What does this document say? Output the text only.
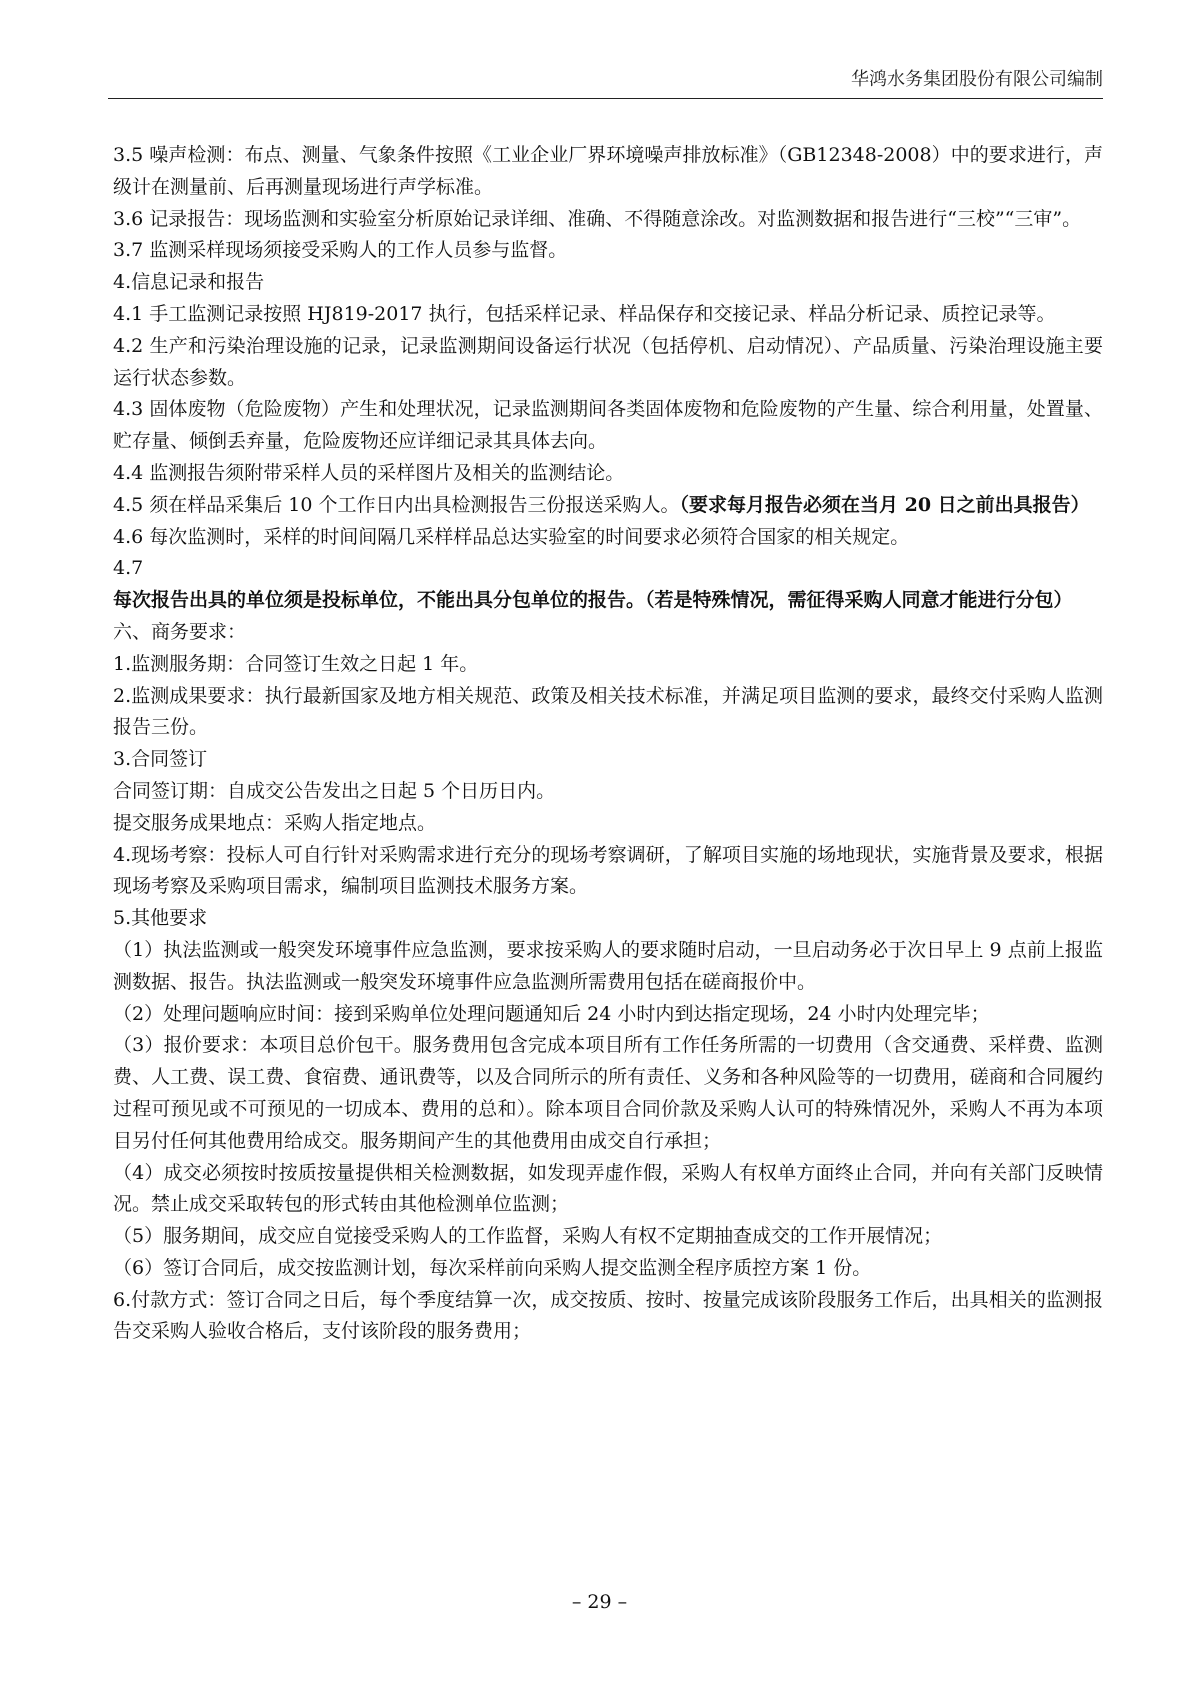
华鸿水务集团股份有限公司编制

3.5 噪声检测：布点、测量、气象条件按照《工业企业厂界环境噪声排放标准》（GB12348-2008）中的要求进行，声级计在测量前、后再测量现场进行声学标准。

3.6 记录报告：现场监测和实验室分析原始记录详细、准确、不得随意涂改。对监测数据和报告进行“三校”“三审”。

3.7 监测采样现场须接受采购人的工作人员参与监督。

4.信息记录和报告

4.1 手工监测记录按照 HJ819-2017 执行，包括采样记录、样品保存和交接记录、样品分析记录、质控记录等。

4.2 生产和污染治理设施的记录，记录监测期间设备运行状况（包括停机、启动情况）、产品质量、污染治理设施主要运行状态参数。

4.3 固体废物（危险废物）产生和处理状况，记录监测期间各类固体废物和危险废物的产生量、综合利用量，处置量、贮存量、倾倒丢弃量，危险废物还应详细记录其具体去向。

4.4 监测报告须附带采样人员的采样图片及相关的监测结论。

4.5 须在样品采集后 10 个工作日内出具检测报告三份报送采购人。（要求每月报告必须在当月 20 日之前出具报告）

4.6 每次监测时，采样的时间间隔几采样样品总达实验室的时间要求必须符合国家的相关规定。

4.7 每次报告出具的单位须是投标单位，不能出具分包单位的报告。（若是特殊情况，需征得采购人同意才能进行分包）

六、商务要求：

1.监测服务期：合同签订生效之日起 1 年。

2.监测成果要求：执行最新国家及地方相关规范、政策及相关技术标准，并满足项目监测的要求，最终交付采购人监测报告三份。

3.合同签订

合同签订期：自成交公告发出之日起 5 个日历日内。

提交服务成果地点：采购人指定地点。

4.现场考察：投标人可自行针对采购需求进行充分的现场考察调研，了解项目实施的场地现状，实施背景及要求，根据现场考察及采购项目需求，编制项目监测技术服务方案。

5.其他要求

（1）执法监测或一般突发环境事件应急监测，要求按采购人的要求随时启动，一旦启动务必于次日早上 9 点前上报监测数据、报告。执法监测或一般突发环境事件应急监测所需费用包括在磋商报价中。

（2）处理问题响应时间：接到采购单位处理问题通知后 24 小时内到达指定现场，24 小时内处理完毕；

（3）报价要求：本项目总价包干。服务费用包含完成本项目所有工作任务所需的一切费用（含交通费、采样费、监测费、人工费、误工费、食宿费、通讯费等，以及合同所示的所有责任、义务和各种风险等的一切费用，磋商和合同履约过程可预见或不可预见的一切成本、费用的总和）。除本项目合同价款及采购人认可的特殊情况外，采购人不再为本项目另付任何其他费用给成交。服务期间产生的其他费用由成交自行承担；

（4）成交必须按时按质按量提供相关检测数据，如发现弄虚作假，采购人有权单方面终止合同，并向有关部门反映情况。禁止成交采取转包的形式转由其他检测单位监测；

（5）服务期间，成交应自觉接受采购人的工作监督，采购人有权不定期抽查成交的工作开展情况；

（6）签订合同后，成交按监测计划，每次采样前向采购人提交监测全程序质控方案 1 份。

6.付款方式：签订合同之日后，每个季度结算一次，成交按质、按时、按量完成该阶段服务工作后，出具相关的监测报告交采购人验收合格后，支付该阶段的服务费用；

– 29 –
